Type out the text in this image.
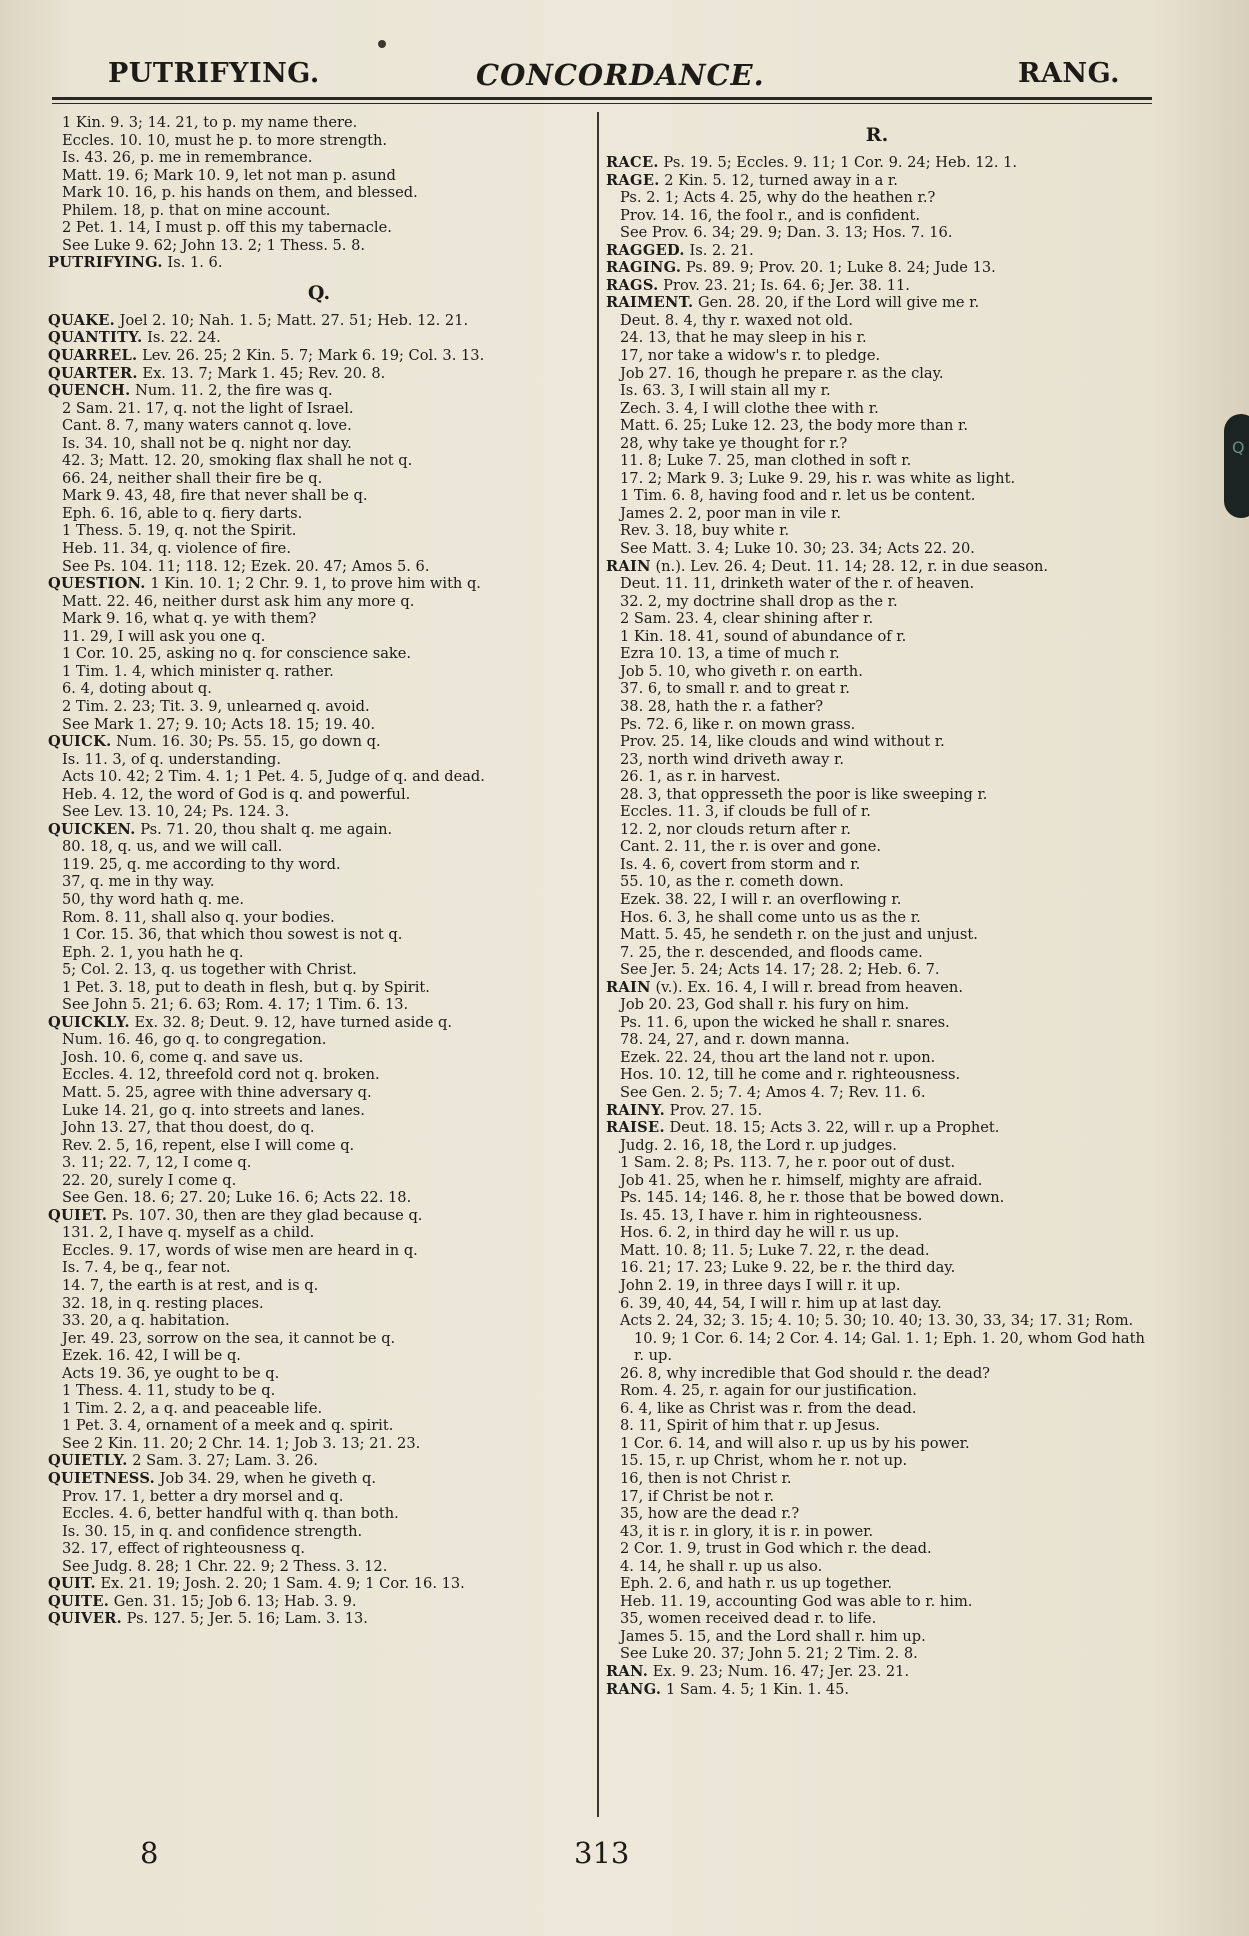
PUTRIFYING.	CONCORDANCE.	RANG.

1 Kin. 9. 3; 14. 21, to p. my name there.

Eccles. 10. 10, must he p. to more strength.

Is. 43. 26, p. me in remembrance.

Matt. 19. 6; Mark 10. 9, let not man p. asund

Mark 10. 16, p. his hands on them, and blessed.

Philem. 18, p. that on mine account.

2 Pet. 1. 14, I must p. off this my tabernacle.

See Luke 9. 62; John 13. 2; 1 Thess. 5. 8.

PUTRIFYING. Is. 1. 6.

Q.

QUAKE. Joel 2. 10; Nah. 1. 5; Matt. 27. 51; Heb. 12. 21.

QUANTITY. Is. 22. 24.

QUARREL. Lev. 26. 25; 2 Kin. 5. 7; Mark 6. 19; Col. 3. 13.

QUARTER. Ex. 13. 7; Mark 1. 45; Rev. 20. 8.

QUENCH. Num. 11. 2, the fire was q.

2 Sam. 21. 17, q. not the light of Israel.

Cant. 8. 7, many waters cannot q. love.

Is. 34. 10, shall not be q. night nor day.

42. 3; Matt. 12. 20, smoking flax shall he not q.

66. 24, neither shall their fire be q.

Mark 9. 43, 48, fire that never shall be q.

Eph. 6. 16, able to q. fiery darts.

1 Thess. 5. 19, q. not the Spirit.

Heb. 11. 34, q. violence of fire.

See Ps. 104. 11; 118. 12; Ezek. 20. 47; Amos 5. 6.

QUESTION. 1 Kin. 10. 1; 2 Chr. 9. 1, to prove him with q.

Matt. 22. 46, neither durst ask him any more q.

Mark 9. 16, what q. ye with them?

11. 29, I will ask you one q.

1 Cor. 10. 25, asking no q. for conscience sake.

1 Tim. 1. 4, which minister q. rather.

6. 4, doting about q.

2 Tim. 2. 23; Tit. 3. 9, unlearned q. avoid.

See Mark 1. 27; 9. 10; Acts 18. 15; 19. 40.

QUICK. Num. 16. 30; Ps. 55. 15, go down q.

Is. 11. 3, of q. understanding.

Acts 10. 42; 2 Tim. 4. 1; 1 Pet. 4. 5, Judge of q. and dead.

Heb. 4. 12, the word of God is q. and powerful.

See Lev. 13. 10, 24; Ps. 124. 3.

QUICKEN. Ps. 71. 20, thou shalt q. me again.

80. 18, q. us, and we will call.

119. 25, q. me according to thy word.

37, q. me in thy way.

50, thy word hath q. me.

Rom. 8. 11, shall also q. your bodies.

1 Cor. 15. 36, that which thou sowest is not q.

Eph. 2. 1, you hath he q.

5; Col. 2. 13, q. us together with Christ.

1 Pet. 3. 18, put to death in flesh, but q. by Spirit.

See John 5. 21; 6. 63; Rom. 4. 17; 1 Tim. 6. 13.

QUICKLY. Ex. 32. 8; Deut. 9. 12, have turned aside q.

Num. 16. 46, go q. to congregation.

Josh. 10. 6, come q. and save us.

Eccles. 4. 12, threefold cord not q. broken.

Matt. 5. 25, agree with thine adversary q.

Luke 14. 21, go q. into streets and lanes.

John 13. 27, that thou doest, do q.

Rev. 2. 5, 16, repent, else I will come q.

3. 11; 22. 7, 12, I come q.

22. 20, surely I come q.

See Gen. 18. 6; 27. 20; Luke 16. 6; Acts 22. 18.

QUIET. Ps. 107. 30, then are they glad because q.

131. 2, I have q. myself as a child.

Eccles. 9. 17, words of wise men are heard in q.

Is. 7. 4, be q., fear not.

14. 7, the earth is at rest, and is q.

32. 18, in q. resting places.

33. 20, a q. habitation.

Jer. 49. 23, sorrow on the sea, it cannot be q.

Ezek. 16. 42, I will be q.

Acts 19. 36, ye ought to be q.

1 Thess. 4. 11, study to be q.

1 Tim. 2. 2, a q. and peaceable life.

1 Pet. 3. 4, ornament of a meek and q. spirit.

See 2 Kin. 11. 20; 2 Chr. 14. 1; Job 3. 13; 21. 23.

QUIETLY. 2 Sam. 3. 27; Lam. 3. 26.

QUIETNESS. Job 34. 29, when he giveth q.

Prov. 17. 1, better a dry morsel and q.

Eccles. 4. 6, better handful with q. than both.

Is. 30. 15, in q. and confidence strength.

32. 17, effect of righteousness q.

See Judg. 8. 28; 1 Chr. 22. 9; 2 Thess. 3. 12.

QUIT. Ex. 21. 19; Josh. 2. 20; 1 Sam. 4. 9; 1 Cor. 16. 13.

QUITE. Gen. 31. 15; Job 6. 13; Hab. 3. 9.

QUIVER. Ps. 127. 5; Jer. 5. 16; Lam. 3. 13.

R.

RACE. Ps. 19. 5; Eccles. 9. 11; 1 Cor. 9. 24; Heb. 12. 1.

RAGE. 2 Kin. 5. 12, turned away in a r.

Ps. 2. 1; Acts 4. 25, why do the heathen r.?

Prov. 14. 16, the fool r., and is confident.

See Prov. 6. 34; 29. 9; Dan. 3. 13; Hos. 7. 16.

RAGGED. Is. 2. 21.

RAGING. Ps. 89. 9; Prov. 20. 1; Luke 8. 24; Jude 13.

RAGS. Prov. 23. 21; Is. 64. 6; Jer. 38. 11.

RAIMENT. Gen. 28. 20, if the Lord will give me r.

Deut. 8. 4, thy r. waxed not old.

24. 13, that he may sleep in his r.

17, nor take a widow's r. to pledge.

Job 27. 16, though he prepare r. as the clay.

Is. 63. 3, I will stain all my r.

Zech. 3. 4, I will clothe thee with r.

Matt. 6. 25; Luke 12. 23, the body more than r.

28, why take ye thought for r.?

11. 8; Luke 7. 25, man clothed in soft r.

17. 2; Mark 9. 3; Luke 9. 29, his r. was white as light.

1 Tim. 6. 8, having food and r. let us be content.

James 2. 2, poor man in vile r.

Rev. 3. 18, buy white r.

See Matt. 3. 4; Luke 10. 30; 23. 34; Acts 22. 20.

RAIN (n.). Lev. 26. 4; Deut. 11. 14; 28. 12, r. in due season.

Deut. 11. 11, drinketh water of the r. of heaven.

32. 2, my doctrine shall drop as the r.

2 Sam. 23. 4, clear shining after r.

1 Kin. 18. 41, sound of abundance of r.

Ezra 10. 13, a time of much r.

Job 5. 10, who giveth r. on earth.

37. 6, to small r. and to great r.

38. 28, hath the r. a father?

Ps. 72. 6, like r. on mown grass.

Prov. 25. 14, like clouds and wind without r.

23, north wind driveth away r.

26. 1, as r. in harvest.

28. 3, that oppresseth the poor is like sweeping r.

Eccles. 11. 3, if clouds be full of r.

12. 2, nor clouds return after r.

Cant. 2. 11, the r. is over and gone.

Is. 4. 6, covert from storm and r.

55. 10, as the r. cometh down.

Ezek. 38. 22, I will r. an overflowing r.

Hos. 6. 3, he shall come unto us as the r.

Matt. 5. 45, he sendeth r. on the just and unjust.

7. 25, the r. descended, and floods came.

See Jer. 5. 24; Acts 14. 17; 28. 2; Heb. 6. 7.

RAIN (v.). Ex. 16. 4, I will r. bread from heaven.

Job 20. 23, God shall r. his fury on him.

Ps. 11. 6, upon the wicked he shall r. snares.

78. 24, 27, and r. down manna.

Ezek. 22. 24, thou art the land not r. upon.

Hos. 10. 12, till he come and r. righteousness.

See Gen. 2. 5; 7. 4; Amos 4. 7; Rev. 11. 6.

RAINY. Prov. 27. 15.

RAISE. Deut. 18. 15; Acts 3. 22, will r. up a Prophet.

Judg. 2. 16, 18, the Lord r. up judges.

1 Sam. 2. 8; Ps. 113. 7, he r. poor out of dust.

Job 41. 25, when he r. himself, mighty are afraid.

Ps. 145. 14; 146. 8, he r. those that be bowed down.

Is. 45. 13, I have r. him in righteousness.

Hos. 6. 2, in third day he will r. us up.

Matt. 10. 8; 11. 5; Luke 7. 22, r. the dead.

16. 21; 17. 23; Luke 9. 22, be r. the third day.

John 2. 19, in three days I will r. it up.

6. 39, 40, 44, 54, I will r. him up at last day.

Acts 2. 24, 32; 3. 15; 4. 10; 5. 30; 10. 40; 13. 30, 33, 34; 17. 31; Rom. 10. 9; 1 Cor. 6. 14; 2 Cor. 4. 14; Gal. 1. 1; Eph. 1. 20, whom God hath r. up.

26. 8, why incredible that God should r. the dead?

Rom. 4. 25, r. again for our justification.

6. 4, like as Christ was r. from the dead.

8. 11, Spirit of him that r. up Jesus.

1 Cor. 6. 14, and will also r. up us by his power.

15. 15, r. up Christ, whom he r. not up.

16, then is not Christ r.

17, if Christ be not r.

35, how are the dead r.?

43, it is r. in glory, it is r. in power.

2 Cor. 1. 9, trust in God which r. the dead.

4. 14, he shall r. up us also.

Eph. 2. 6, and hath r. us up together.

Heb. 11. 19, accounting God was able to r. him.

35, women received dead r. to life.

James 5. 15, and the Lord shall r. him up.

See Luke 20. 37; John 5. 21; 2 Tim. 2. 8.

RAN. Ex. 9. 23; Num. 16. 47; Jer. 23. 21.

RANG. 1 Sam. 4. 5; 1 Kin. 1. 45.

8	313
Q
